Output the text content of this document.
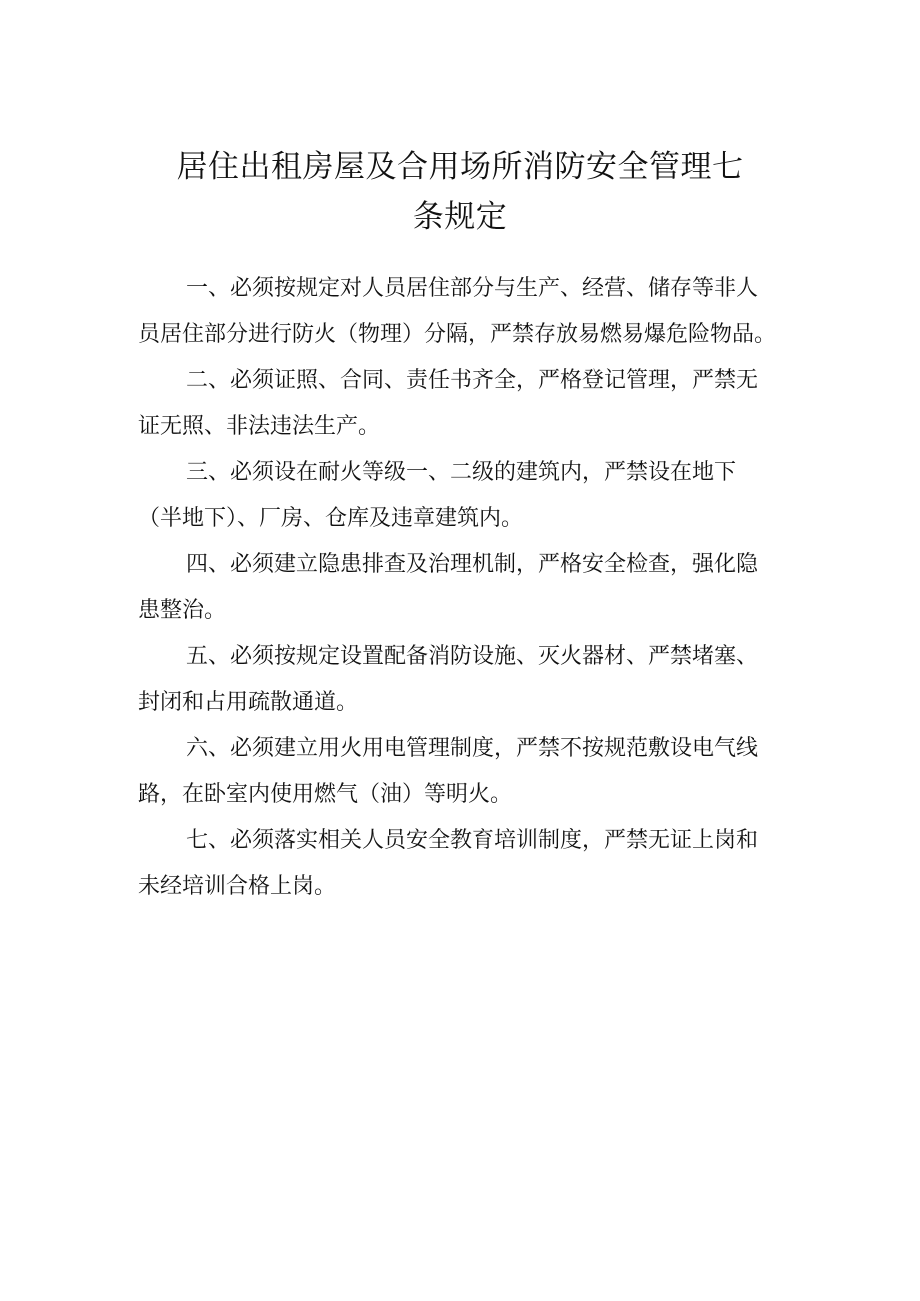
居住出租房屋及合用场所消防安全管理七
条规定

一、必须按规定对人员居住部分与生产、经营、储存等非人
员居住部分进行防火（物理）分隔，严禁存放易燃易爆危险物品。

二、必须证照、合同、责任书齐全，严格登记管理，严禁无
证无照、非法违法生产。

三、必须设在耐火等级一、二级的建筑内，严禁设在地下
（半地下）、厂房、仓库及违章建筑内。

四、必须建立隐患排查及治理机制，严格安全检查，强化隐
患整治。

五、必须按规定设置配备消防设施、灭火器材、严禁堵塞、
封闭和占用疏散通道。

六、必须建立用火用电管理制度，严禁不按规范敷设电气线
路，在卧室内使用燃气（油）等明火。

七、必须落实相关人员安全教育培训制度，严禁无证上岗和
未经培训合格上岗。
